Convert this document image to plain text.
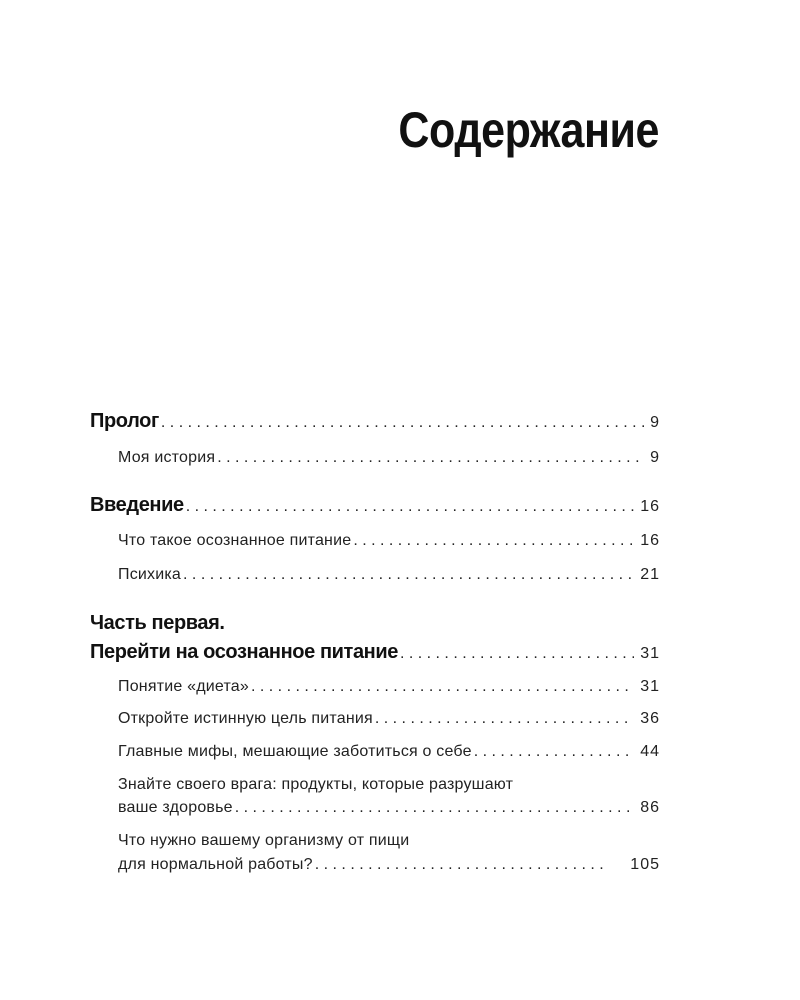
Содержание
Пролог . . .	9
Моя история . . .	9
Введение . . .	16
Что такое осознанное питание . . .	16
Психика . . .	21
Часть первая.
Перейти на осознанное питание . . .	31
Понятие «диета» . . .	31
Откройте истинную цель питания . . .	36
Главные мифы, мешающие заботиться о себе . . .	44
Знайте своего врага: продукты, которые разрушают
ваше здоровье . . .	86
Что нужно вашему организму от пищи
для нормальной работы? . . .	105
